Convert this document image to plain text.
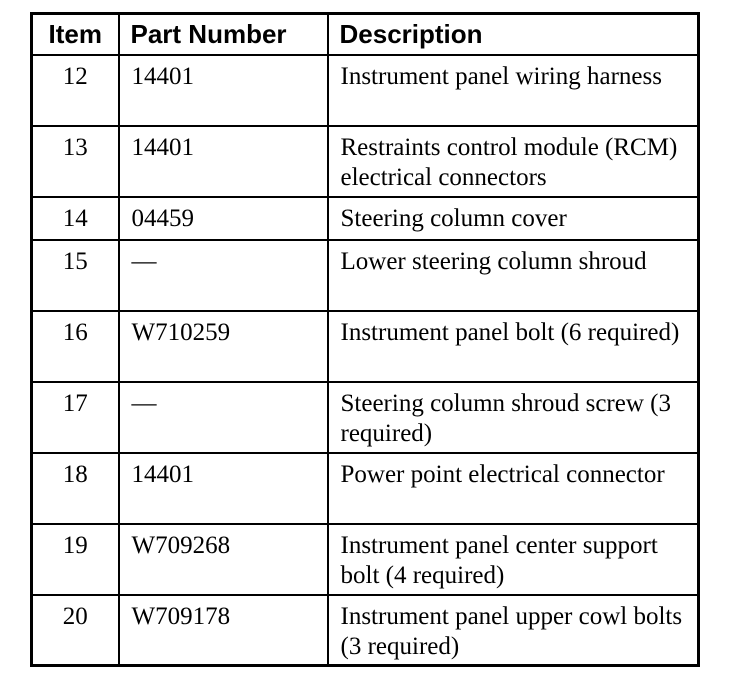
Item	Part Number	Description
12	14401	Instrument panel wiring harness
13	14401	Restraints control module (RCM) electrical connectors
14	04459	Steering column cover
15	—	Lower steering column shroud
16	W710259	Instrument panel bolt (6 required)
17	—	Steering column shroud screw (3 required)
18	14401	Power point electrical connector
19	W709268	Instrument panel center support bolt (4 required)
20	W709178	Instrument panel upper cowl bolts (3 required)
